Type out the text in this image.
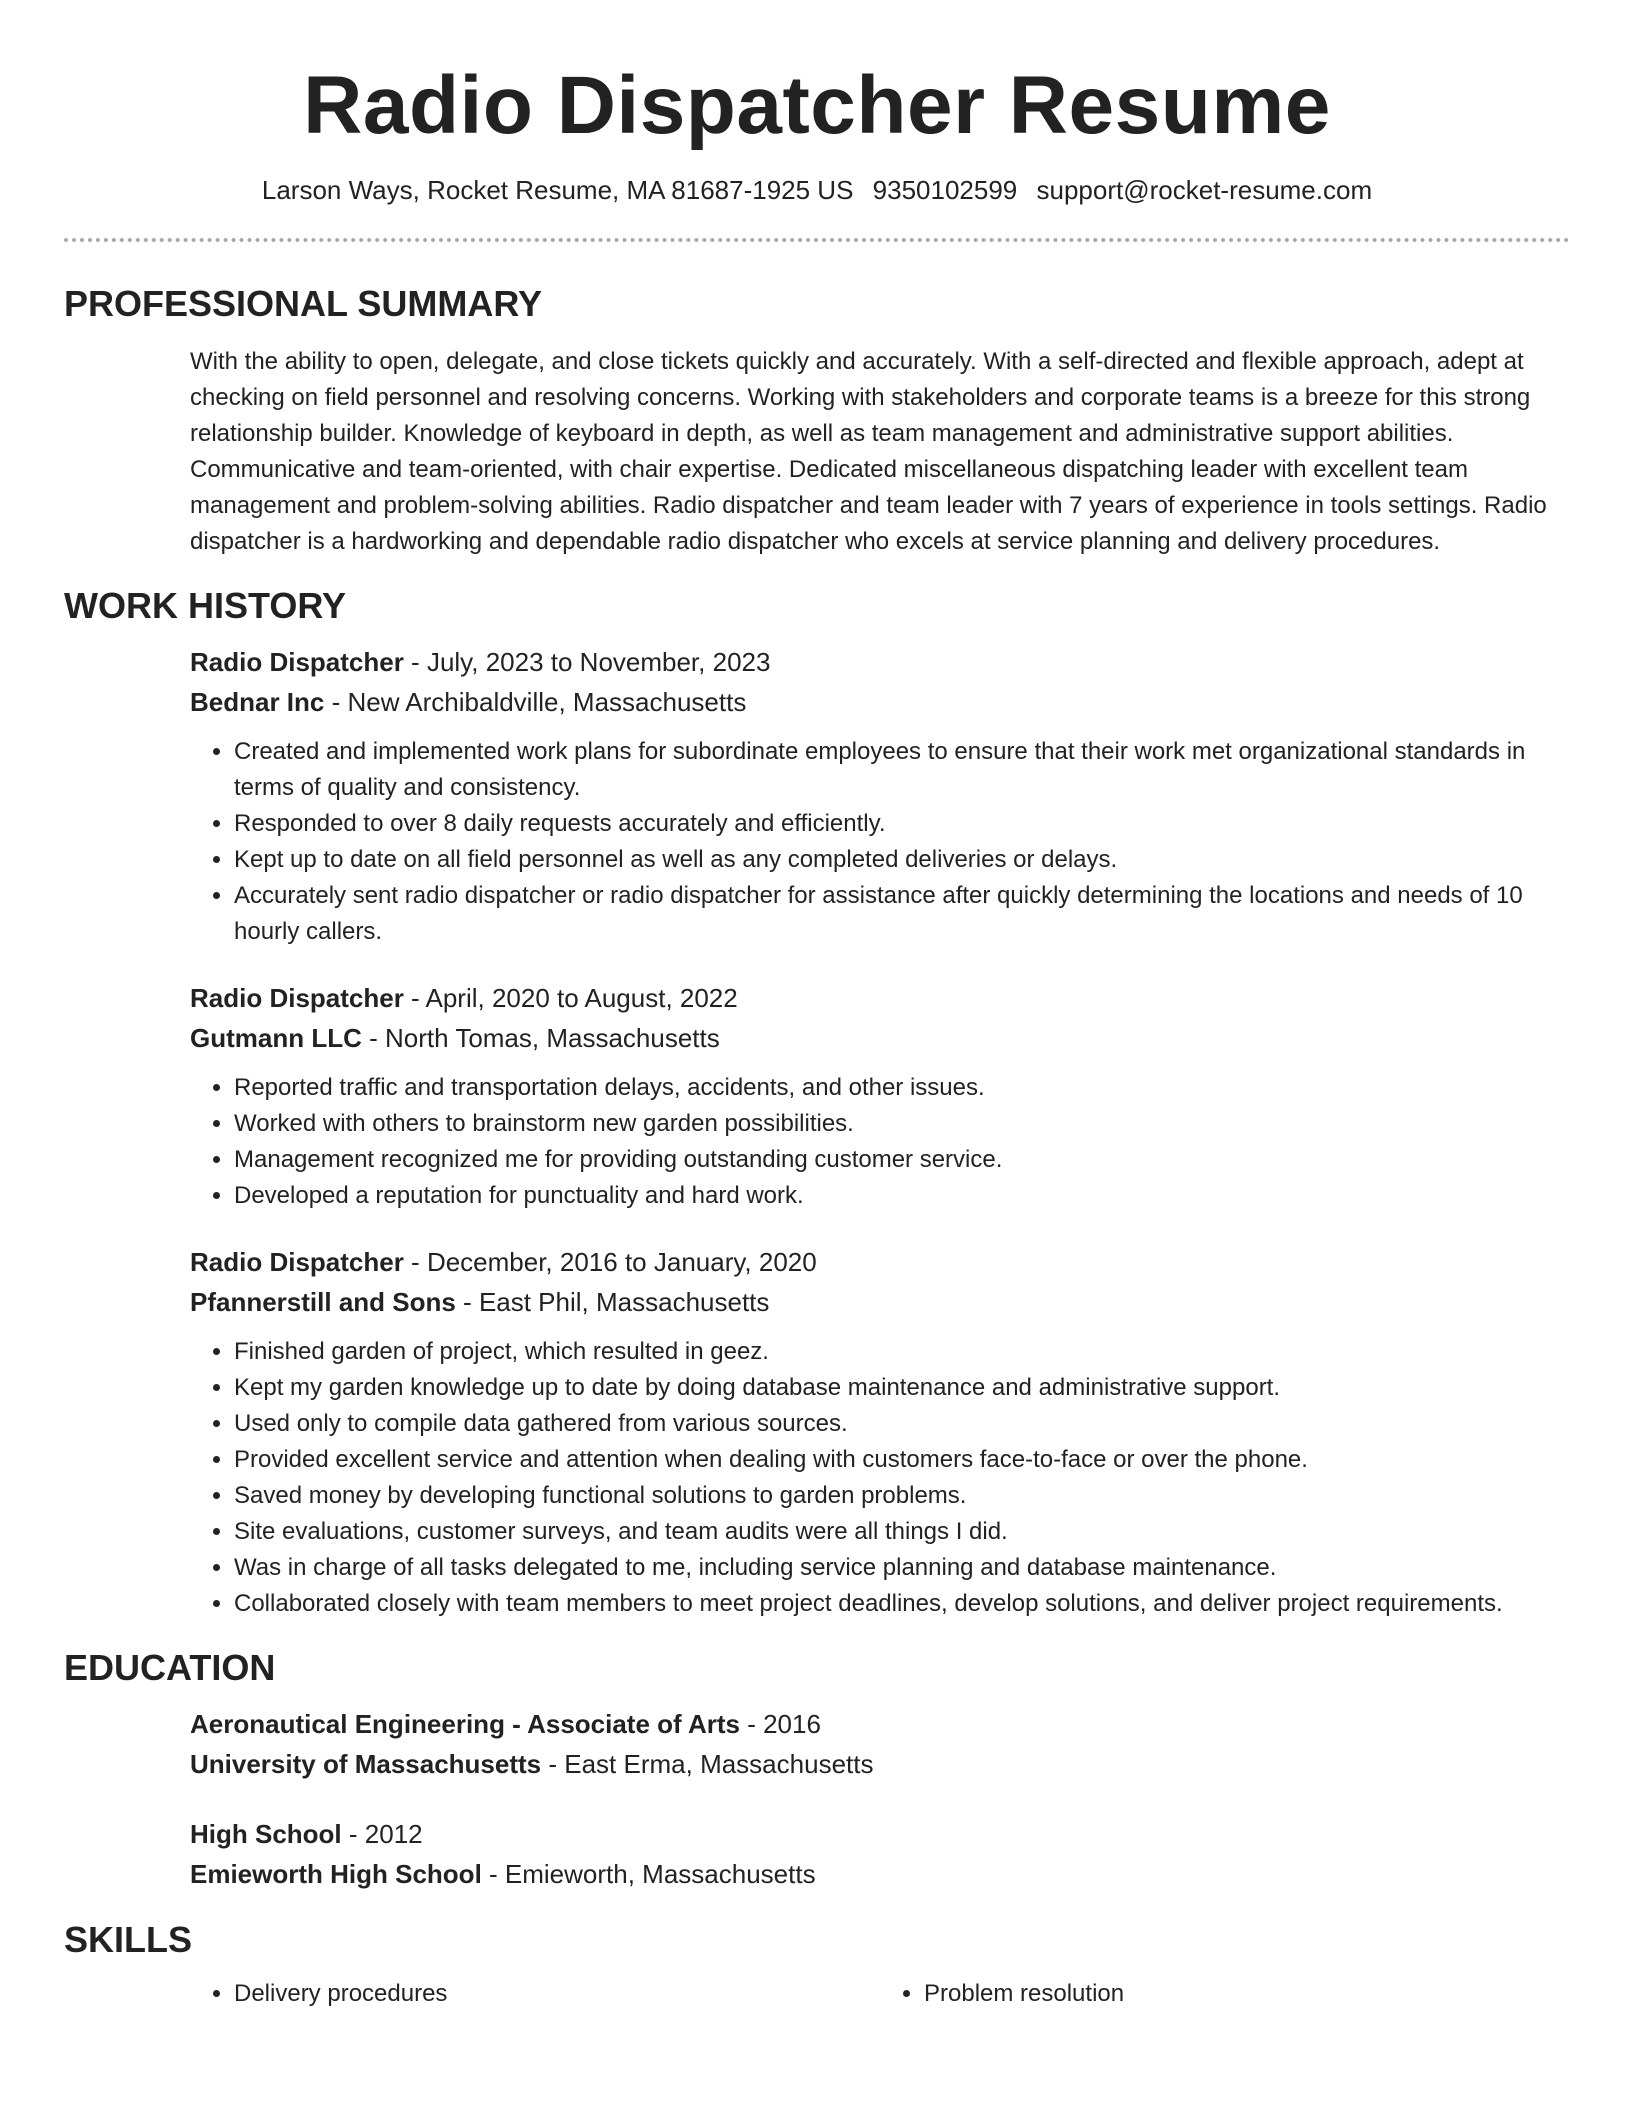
Radio Dispatcher Resume
Larson Ways, Rocket Resume, MA 81687-1925 US 9350102599 support@rocket-resume.com
PROFESSIONAL SUMMARY

With the ability to open, delegate, and close tickets quickly and accurately. With a self-directed and flexible approach, adept at checking on field personnel and resolving concerns. Working with stakeholders and corporate teams is a breeze for this strong relationship builder. Knowledge of keyboard in depth, as well as team management and administrative support abilities. Communicative and team-oriented, with chair expertise. Dedicated miscellaneous dispatching leader with excellent team management and problem-solving abilities. Radio dispatcher and team leader with 7 years of experience in tools settings. Radio dispatcher is a hardworking and dependable radio dispatcher who excels at service planning and delivery procedures.

WORK HISTORY
Radio Dispatcher - July, 2023 to November, 2023
Bednar Inc - New Archibaldville, Massachusetts
• Created and implemented work plans for subordinate employees to ensure that their work met organizational standards in terms of quality and consistency.
• Responded to over 8 daily requests accurately and efficiently.
• Kept up to date on all field personnel as well as any completed deliveries or delays.
• Accurately sent radio dispatcher or radio dispatcher for assistance after quickly determining the locations and needs of 10 hourly callers.
Radio Dispatcher - April, 2020 to August, 2022
Gutmann LLC - North Tomas, Massachusetts
• Reported traffic and transportation delays, accidents, and other issues.
• Worked with others to brainstorm new garden possibilities.
• Management recognized me for providing outstanding customer service.
• Developed a reputation for punctuality and hard work.
Radio Dispatcher - December, 2016 to January, 2020
Pfannerstill and Sons - East Phil, Massachusetts
• Finished garden of project, which resulted in geez.
• Kept my garden knowledge up to date by doing database maintenance and administrative support.
• Used only to compile data gathered from various sources.
• Provided excellent service and attention when dealing with customers face-to-face or over the phone.
• Saved money by developing functional solutions to garden problems.
• Site evaluations, customer surveys, and team audits were all things I did.
• Was in charge of all tasks delegated to me, including service planning and database maintenance.
• Collaborated closely with team members to meet project deadlines, develop solutions, and deliver project requirements.
EDUCATION
Aeronautical Engineering - Associate of Arts - 2016
University of Massachusetts - East Erma, Massachusetts
High School - 2012
Emieworth High School - Emieworth, Massachusetts
SKILLS
• Delivery procedures
•	Problem resolution
